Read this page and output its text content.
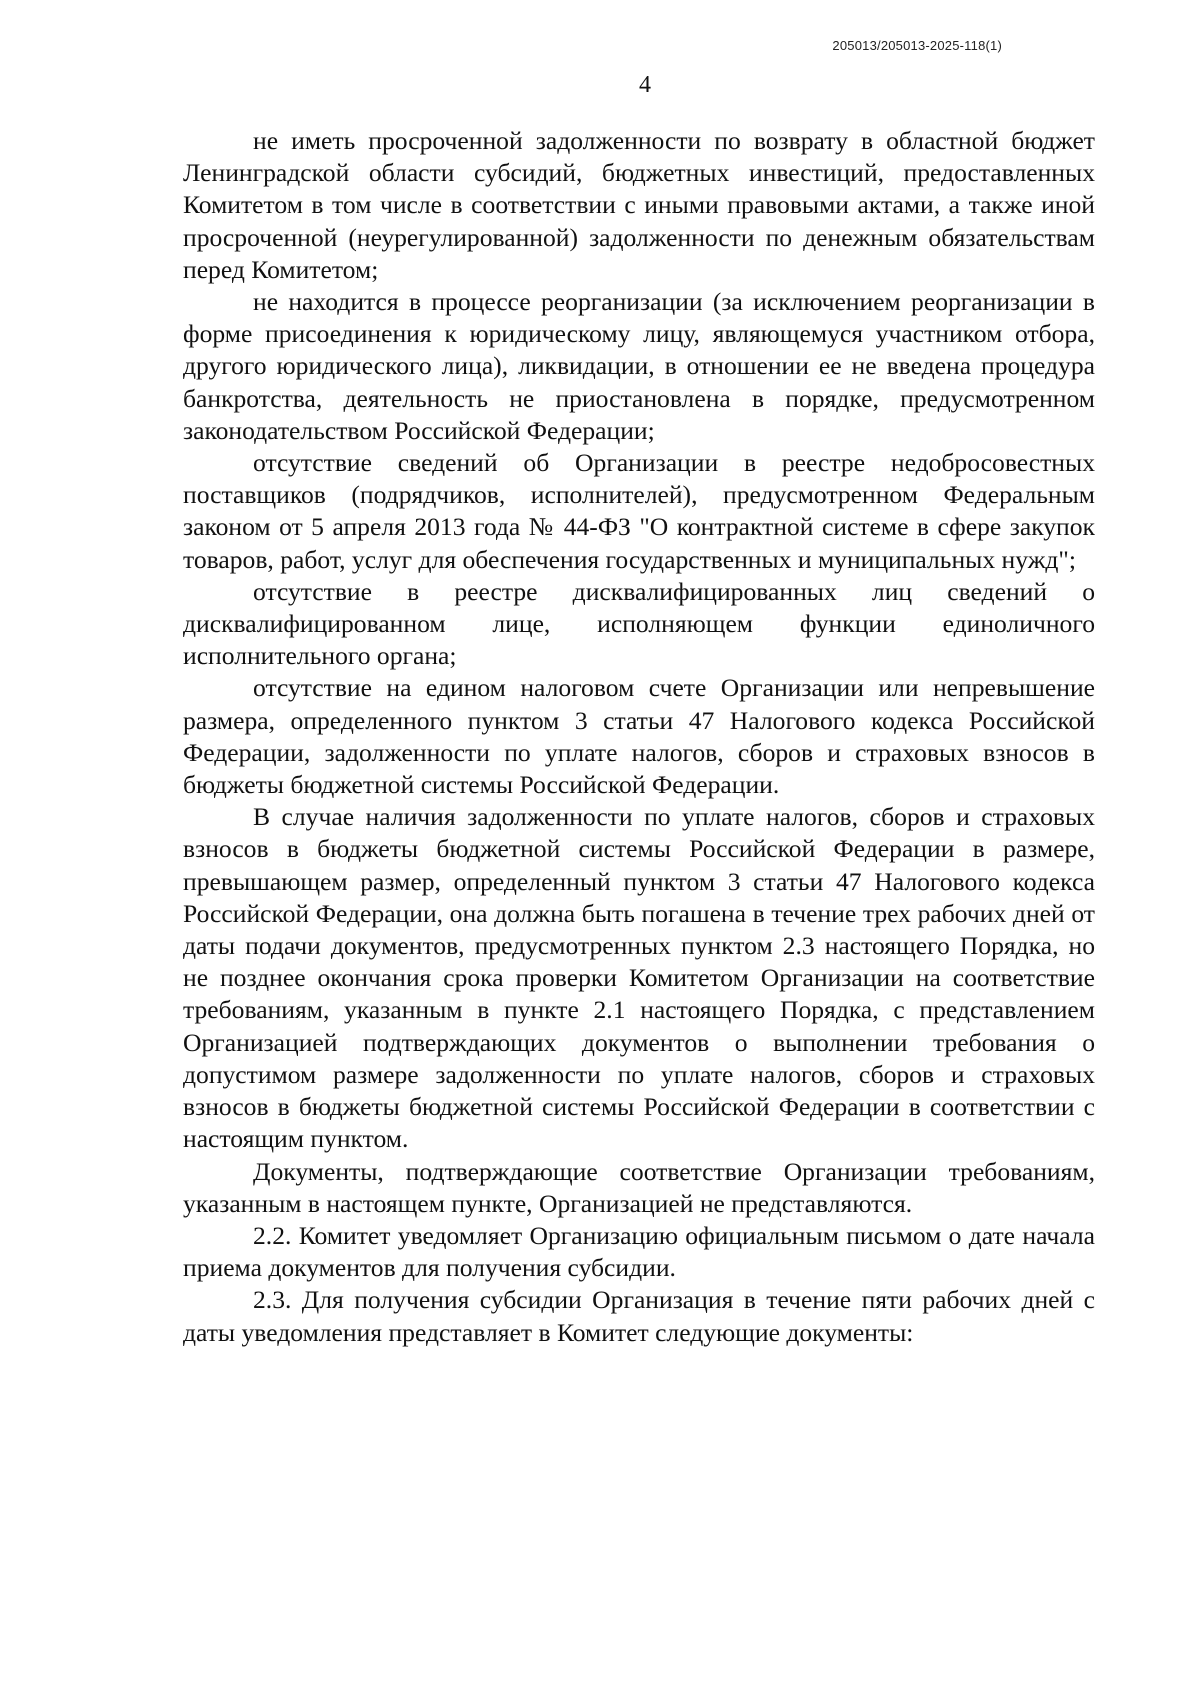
205013/205013-2025-118(1)
4

не иметь просроченной задолженности по возврату в областной бюджет Ленинградской области субсидий, бюджетных инвестиций, предоставленных Комитетом в том числе в соответствии с иными правовыми актами, а также иной просроченной (неурегулированной) задолженности по денежным обязательствам перед Комитетом;

не находится в процессе реорганизации (за исключением реорганизации в форме присоединения к юридическому лицу, являющемуся участником отбора, другого юридического лица), ликвидации, в отношении ее не введена процедура банкротства, деятельность не приостановлена в порядке, предусмотренном законодательством Российской Федерации;

отсутствие сведений об Организации в реестре недобросовестных поставщиков (подрядчиков, исполнителей), предусмотренном Федеральным законом от 5 апреля 2013 года № 44-ФЗ "О контрактной системе в сфере закупок товаров, работ, услуг для обеспечения государственных и муниципальных нужд";

отсутствие в реестре дисквалифицированных лиц сведений о дисквалифицированном лице, исполняющем функции единоличного исполнительного органа;

отсутствие на едином налоговом счете Организации или непревышение размера, определенного пунктом 3 статьи 47 Налогового кодекса Российской Федерации, задолженности по уплате налогов, сборов и страховых взносов в бюджеты бюджетной системы Российской Федерации.

В случае наличия задолженности по уплате налогов, сборов и страховых взносов в бюджеты бюджетной системы Российской Федерации в размере, превышающем размер, определенный пунктом 3 статьи 47 Налогового кодекса Российской Федерации, она должна быть погашена в течение трех рабочих дней от даты подачи документов, предусмотренных пунктом 2.3 настоящего Порядка, но не позднее окончания срока проверки Комитетом Организации на соответствие требованиям, указанным в пункте 2.1 настоящего Порядка, с представлением Организацией подтверждающих документов о выполнении требования о допустимом размере задолженности по уплате налогов, сборов и страховых взносов в бюджеты бюджетной системы Российской Федерации в соответствии с настоящим пунктом.

Документы, подтверждающие соответствие Организации требованиям, указанным в настоящем пункте, Организацией не представляются.

2.2. Комитет уведомляет Организацию официальным письмом о дате начала приема документов для получения субсидии.

2.3. Для получения субсидии Организация в течение пяти рабочих дней с даты уведомления представляет в Комитет следующие документы:
